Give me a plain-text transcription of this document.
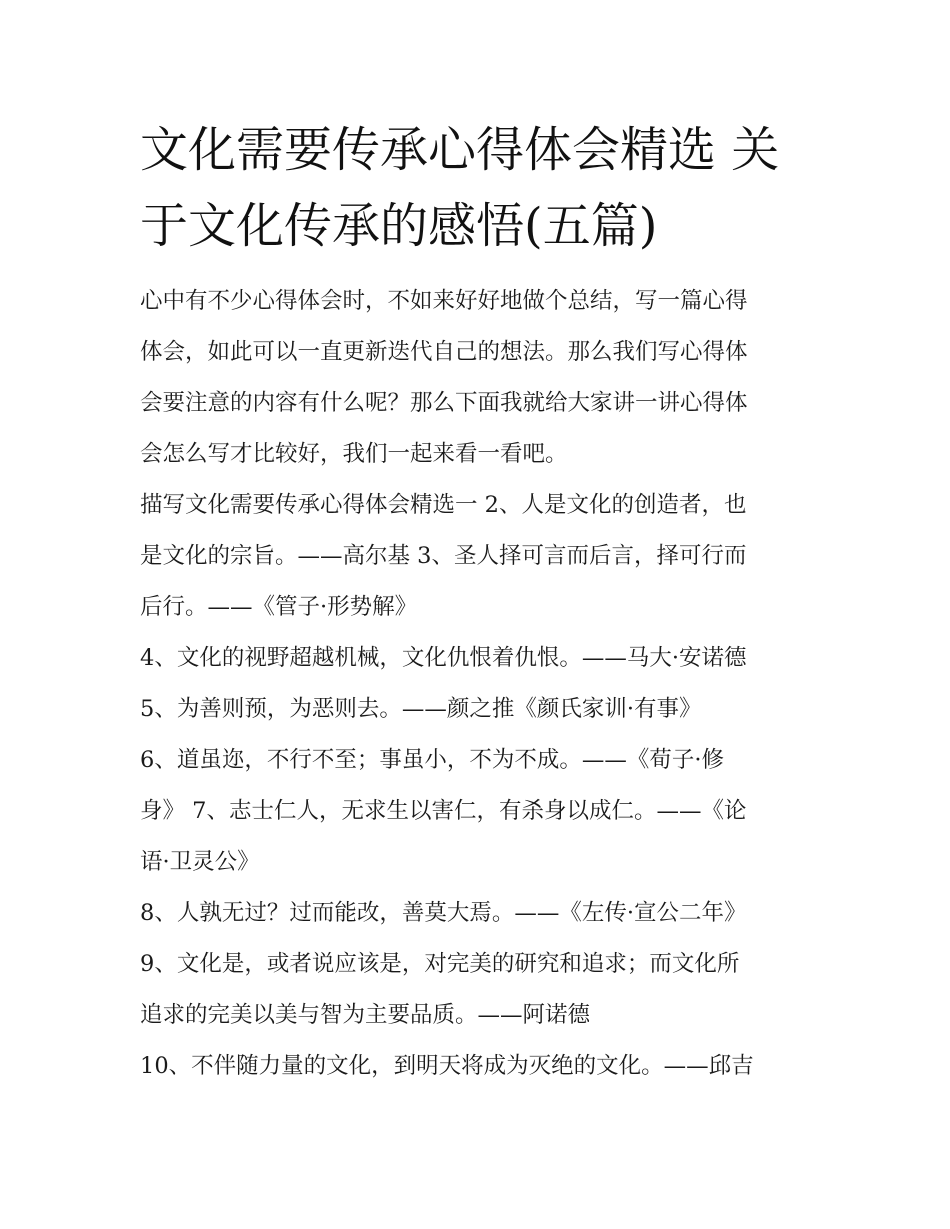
文化需要传承心得体会精选 关
于文化传承的感悟(五篇)

心中有不少心得体会时，不如来好好地做个总结，写一篇心得

体会，如此可以一直更新迭代自己的想法。那么我们写心得体

会要注意的内容有什么呢？那么下面我就给大家讲一讲心得体

会怎么写才比较好，我们一起来看一看吧。

描写文化需要传承心得体会精选一 2、人是文化的创造者，也

是文化的宗旨。——高尔基 3、圣人择可言而后言，择可行而

后行。——《管子·形势解》

4、文化的视野超越机械，文化仇恨着仇恨。——马大·安诺德

5、为善则预，为恶则去。——颜之推《颜氏家训·有事》

6、道虽迩，不行不至；事虽小，不为不成。——《荀子·修

身》 7、志士仁人，无求生以害仁，有杀身以成仁。——《论

语·卫灵公》

8、人孰无过？过而能改，善莫大焉。——《左传·宣公二年》

9、文化是，或者说应该是，对完美的研究和追求；而文化所

追求的完美以美与智为主要品质。——阿诺德

10、不伴随力量的文化，到明天将成为灭绝的文化。——邱吉
